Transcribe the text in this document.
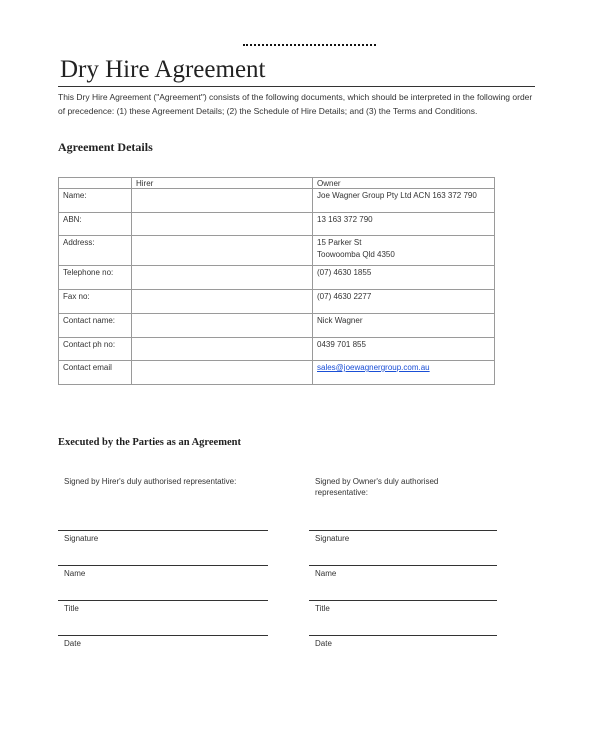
Dry Hire Agreement

This Dry Hire Agreement ("Agreement") consists of the following documents, which should be interpreted in the following order of precedence: (1) these Agreement Details; (2) the Schedule of Hire Details; and (3) the Terms and Conditions.

Agreement Details
	Hirer	Owner
Name:		Joe Wagner Group Pty Ltd ACN 163 372 790
ABN:		13 163 372 790
Address:		15 Parker St
Toowoomba Qld 4350

Telephone no:		(07) 4630 1855
Fax no:		(07) 4630 2277
Contact name:		Nick Wagner
Contact ph no:		0439 701 855
Contact email		sales@joewagnergroup.com.au
Executed by the Parties as an Agreement

Signed by Hirer's duly authorised representative:	Signed by Owner's duly authorised representative:

Signature

Name

Title

Date

Signature

Name

Title

Date
